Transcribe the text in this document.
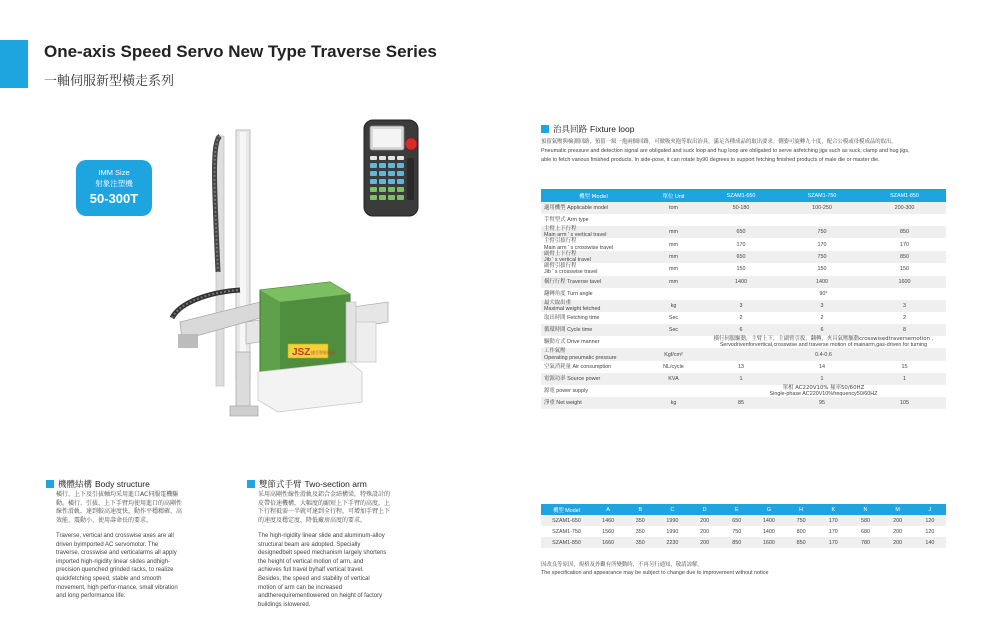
One-axis Speed Servo New Type Traverse Series
一軸伺服新型橫走系列
JSZ 捷至智能机器
IMM Size
射象注塑機
50-300T
機體結構 Body structure
橫行、上下及引拔軸均采用進口AC伺服電機驅
動。橫行、引拔、上下手臂均使用進口的高剛性
線性滑軌，達到較高速度快，動作平穩精確、高
效能、震動小、使用壽命長的要求。
Traverse, vertical and crosswise axes are all
driven byimported AC servomotor. The
traverse, crosswise and verticalarms all apply
imported high-rigidity linear slides andhigh-
precision quenched grinded racks, to realize
quickfetching speed, stable and smooth
movement, high perfor-mance, small vibration
and long performance life.
雙節式手臂 Two-section arm
采用高剛性線性滑軌及鋁合金結構梁，特殊設計的
皮帶倍速機構，大幅度的縮短上下手臂的高度，上
下行程祗需一半就可達到全行程，可增加手臂上下
的速度及穩定度，降低廠房高度的要求。
The high-rigidity linear slide and aluminum-alloy
structural beam are adopted. Specially
designedbelt speed mechanism largely shortens
the height of vertical motion of arm, and
achieves full travel byhalf vertical travel.
Besides, the speed and stability of vertical
motion of arm can be increased
andtherequirementlowered on height of factory
buildings islowered.
治具回路 Fixture loop
預留氣壓與檢測回路，預留一級一抱兩個回路，可做吸夾抱等取出治具，滿足各種成品的取出要求。側姿可旋轉九十度，配合公模或母模成品的取出。
Pneumatic pressure and detection signal are obligated and suck loop and hug loop are obligated to serve asfetching jigs such as suck, clamp and hug jigs,
able to fetch various finished products. In side-pose, it can rotate by90 degrees to support fetching finished products of male die or master die.
機型 Model	單位 Unit	SZAM1-650	SZAM1-750	SZAM1-850
適用機型 Applicable model	tom	50-180	100-250	200-300
手臂型式 Arm type				
主臂上下行程
Main arm ' s vertical travel	mm	650	750	850
主臂引拔行程
Main arm ' s crosswise travel	mm	170	170	170
副臂上下行程
Jib ' s vertical travel	mm	650	750	850
副臂引拔行程
Jib ' s crosswise travel	mm	150	150	150
橫行行程 Traverse tavel	mm	1400	1400	1600
翻轉角度 Turn angle		90°		
最大取出重
Maximal weight fetched	kg	3	3	3
取出時間 Fetching time	Sec	2	2	2
循環時間 Cycle time	Sec	6	6	8
驅動方式 Drive manner		橫行伺服驅動，主臂上下，主副臂引拔，翻轉，夾具氣壓驅動crosswisedtraversemotion ,
Servodrivenforvertical,crosswise and traverse motion of mainarm,gas-driven for turning		

工作氣壓
Operating pneumatic pressure	Kgf/cm²	0.4-0.6		
空氣消耗量 Air consumption	NL/cycle	13	14	15
電源功率 Source power	KVA	1	1	1
源電 power supply		單相 AC220V10% 頻率50/60HZ
Single-phase AC220V10%frequency50/60HZ		

淨重 Net weight	kg	85	95	105
機型 Model	A	B	C	D	E	G	H	K	N	M	J
SZAM1-650	1460	350	1990	200	650	1400	750	170	580	200	120
SZAM1-750	1560	350	1990	200	750	1400	800	170	680	200	120
SZAM1-850	1660	350	2230	200	850	1600	850	170	780	200	140
因改良等原因，規格及外觀有所變動時，不再另行通知，敬請諒解。
The specification and appearance may be subject to change due to improvement without notice
